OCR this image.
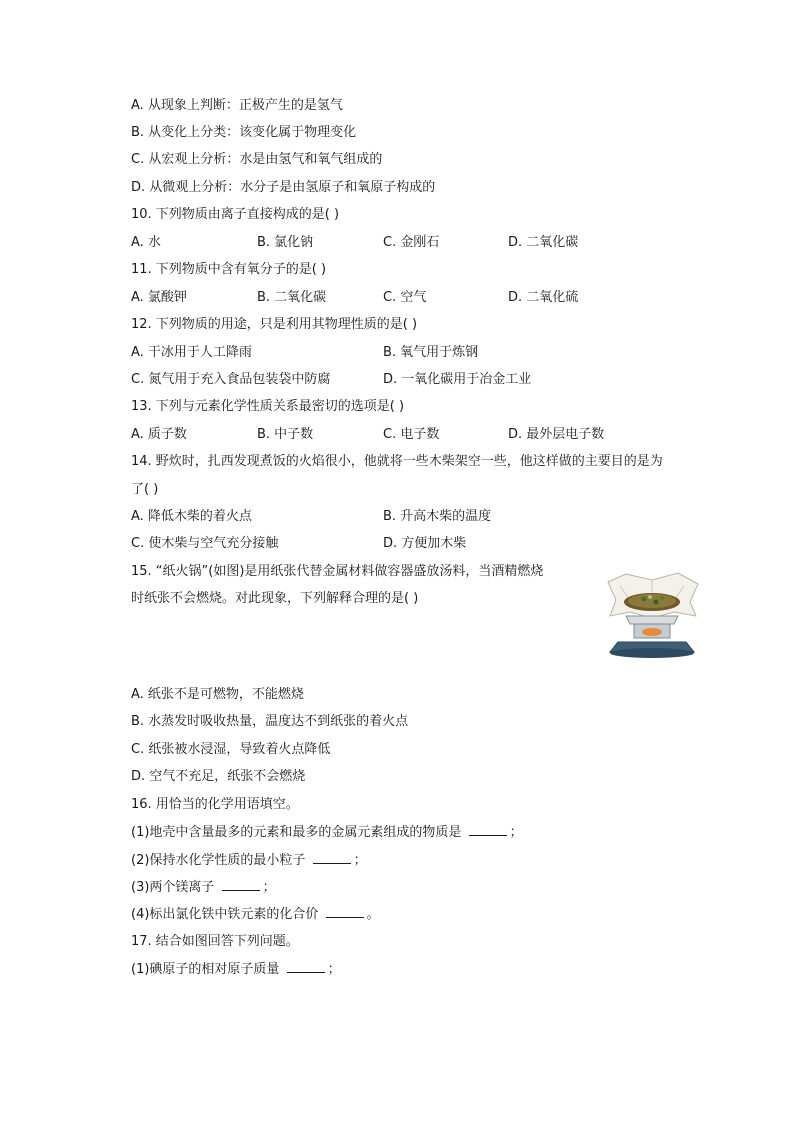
A. 从现象上判断：正极产生的是氢气
B. 从变化上分类：该变化属于物理变化
C. 从宏观上分析：水是由氢气和氧气组成的
D. 从微观上分析：水分子是由氢原子和氧原子构成的
10. 下列物质由离子直接构成的是( )
A. 水	B. 氯化钠	C. 金刚石	D. 二氧化碳
11. 下列物质中含有氧分子的是( )
A. 氯酸钾	B. 二氧化碳	C. 空气	D. 二氧化硫
12. 下列物质的用途，只是利用其物理性质的是( )
A. 干冰用于人工降雨	B. 氧气用于炼钢
C. 氮气用于充入食品包装袋中防腐	D. 一氧化碳用于冶金工业
13. 下列与元素化学性质关系最密切的选项是( )
A. 质子数	B. 中子数	C. 电子数	D. 最外层电子数
14. 野炊时，扎西发现煮饭的火焰很小，他就将一些木柴架空一些，他这样做的主要目的是为
了( )
A. 降低木柴的着火点	B. 升高木柴的温度
C. 使木柴与空气充分接触	D. 方便加木柴
15. “纸火锅”(如图)是用纸张代替金属材料做容器盛放汤料，当酒精燃烧
时纸张不会燃烧。对此现象，下列解释合理的是( )
A. 纸张不是可燃物，不能燃烧
B. 水蒸发时吸收热量，温度达不到纸张的着火点
C. 纸张被水浸湿，导致着火点降低
D. 空气不充足，纸张不会燃烧
16. 用恰当的化学用语填空。
(1)地壳中含量最多的元素和最多的金属元素组成的物质是	；
(2)保持水化学性质的最小粒子	；
(3)两个镁离子	；
(4)标出氯化铁中铁元素的化合价	。
17. 结合如图回答下列问题。
(1)碘原子的相对原子质量	；
